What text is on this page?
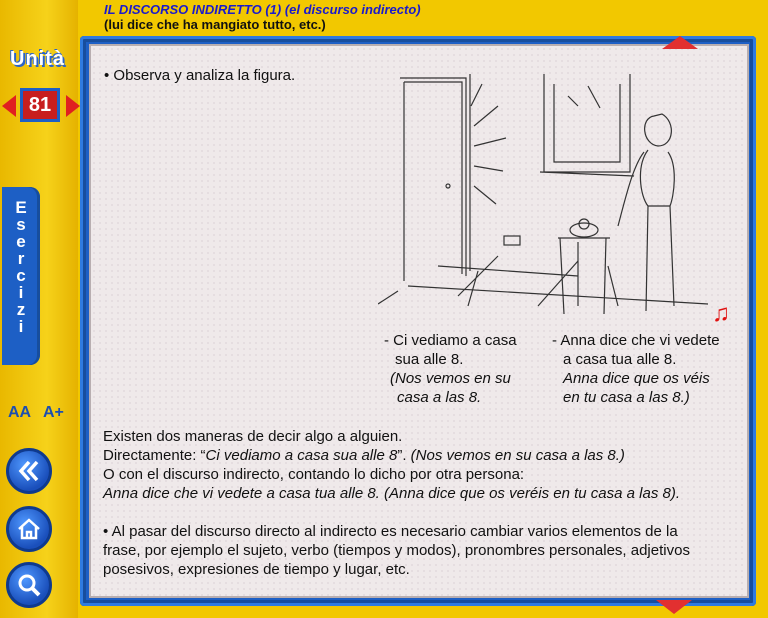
IL DISCORSO INDIRETTO (1) (el discurso indirecto)
(lui dice che ha mangiato tutto, etc.)
Unità
81
E
s
e
r
c
i
z
i
AA A+
• Observa y analiza la figura.
♫
- Ci vediamo a casa
sua alle 8.
(Nos vemos en su
casa a las 8.
- Anna dice che vi vedete
a casa tua alle 8.
Anna dice que os véis
en tu casa a las 8.)
Existen dos maneras de decir algo a alguien.
Directamente: “Ci vediamo a casa sua alle 8”. (Nos vemos en su casa a las 8.)
O con el discurso indirecto, contando lo dicho por otra persona:
Anna dice che vi vedete a casa tua alle 8. (Anna dice que os veréis en tu casa a las 8).
• Al pasar del discurso directo al indirecto es necesario cambiar varios elementos de la
frase, por ejemplo el sujeto, verbo (tiempos y modos), pronombres personales, adjetivos
posesivos, expresiones de tiempo y lugar, etc.
